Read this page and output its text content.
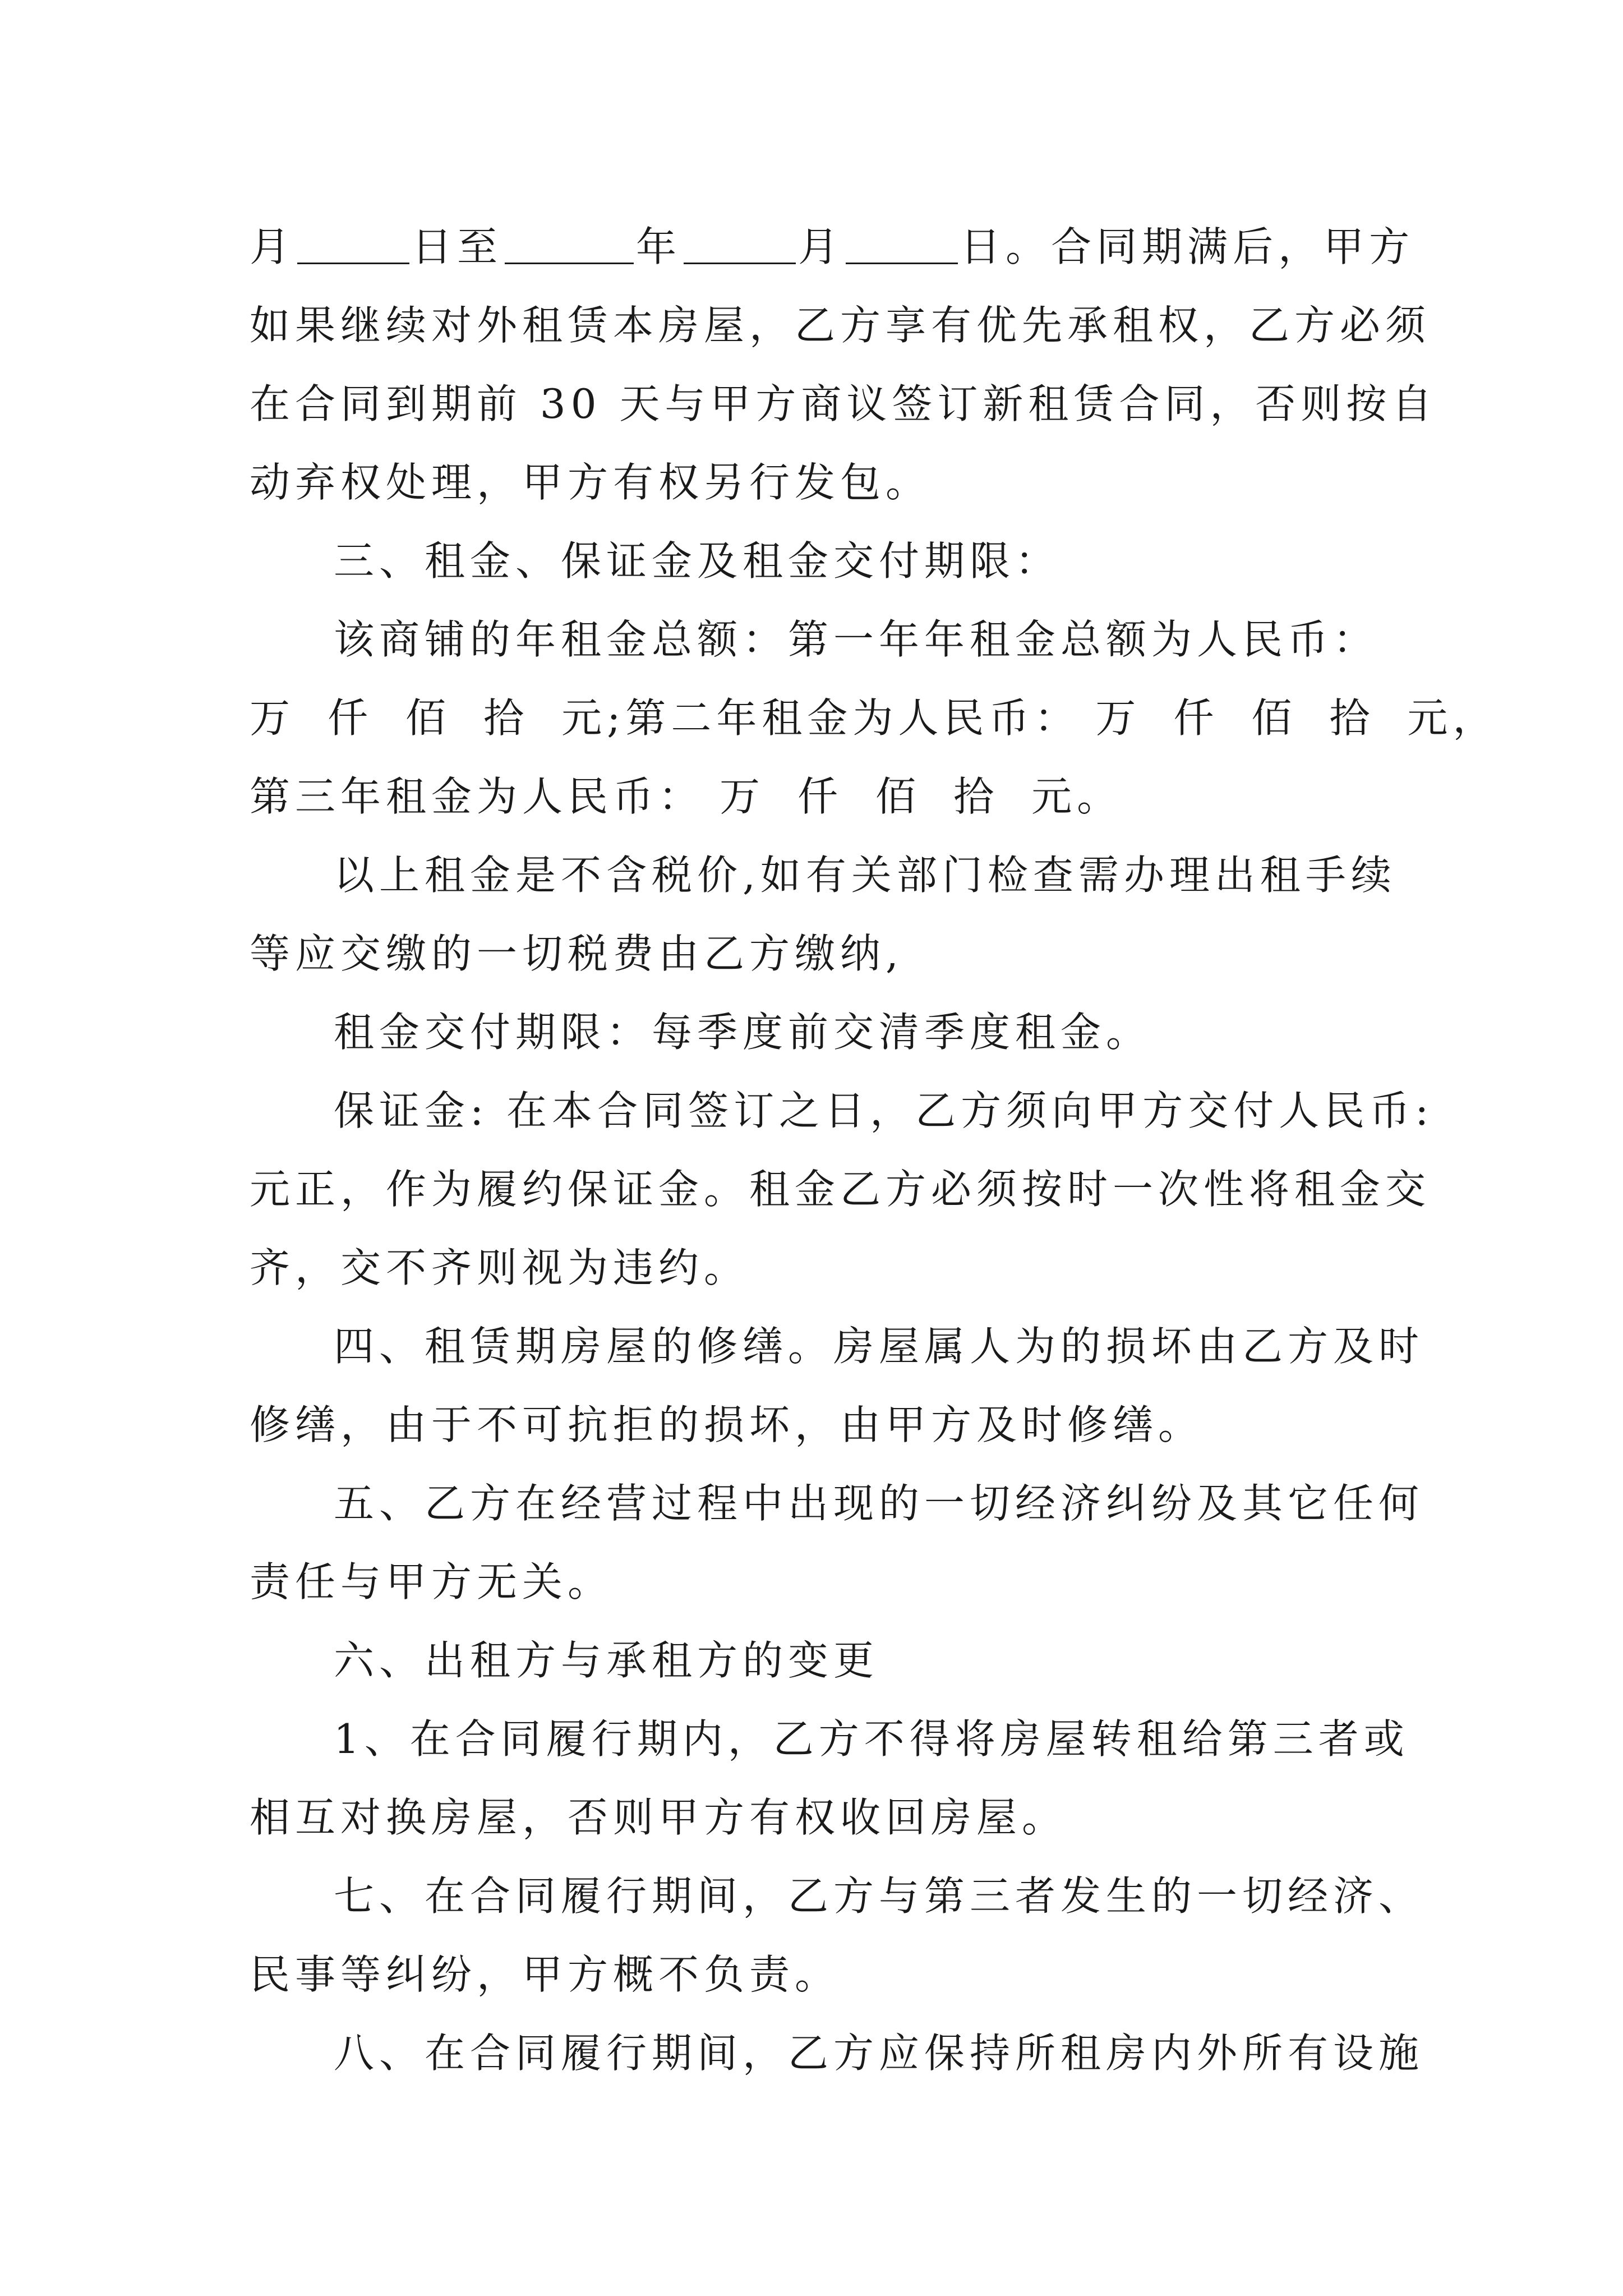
月	日至	年	月	日。合同期满后，甲方
如果继续对外租赁本房屋，乙方享有优先承租权，乙方必须
在合同到期前 30 天与甲方商议签订新租赁合同，否则按自
动弃权处理，甲方有权另行发包。
三、租金、保证金及租金交付期限：
该商铺的年租金总额：第一年年租金总额为人民币：
万 仟 佰 拾 元;第二年租金为人民币： 万 仟 佰 拾 元，
第三年租金为人民币： 万 仟 佰 拾 元。
以上租金是不含税价,如有关部门检查需办理出租手续
等应交缴的一切税费由乙方缴纳,
租金交付期限：每季度前交清季度租金。
保证金: 在本合同签订之日，乙方须向甲方交付人民币:
元正，作为履约保证金。租金乙方必须按时一次性将租金交
齐，交不齐则视为违约。
四、租赁期房屋的修缮。房屋属人为的损坏由乙方及时
修缮，由于不可抗拒的损坏，由甲方及时修缮。
五、乙方在经营过程中出现的一切经济纠纷及其它任何
责任与甲方无关。
六、出租方与承租方的变更
1、在合同履行期内，乙方不得将房屋转租给第三者或
相互对换房屋，否则甲方有权收回房屋。
七、在合同履行期间，乙方与第三者发生的一切经济、
民事等纠纷，甲方概不负责。
八、在合同履行期间，乙方应保持所租房内外所有设施
